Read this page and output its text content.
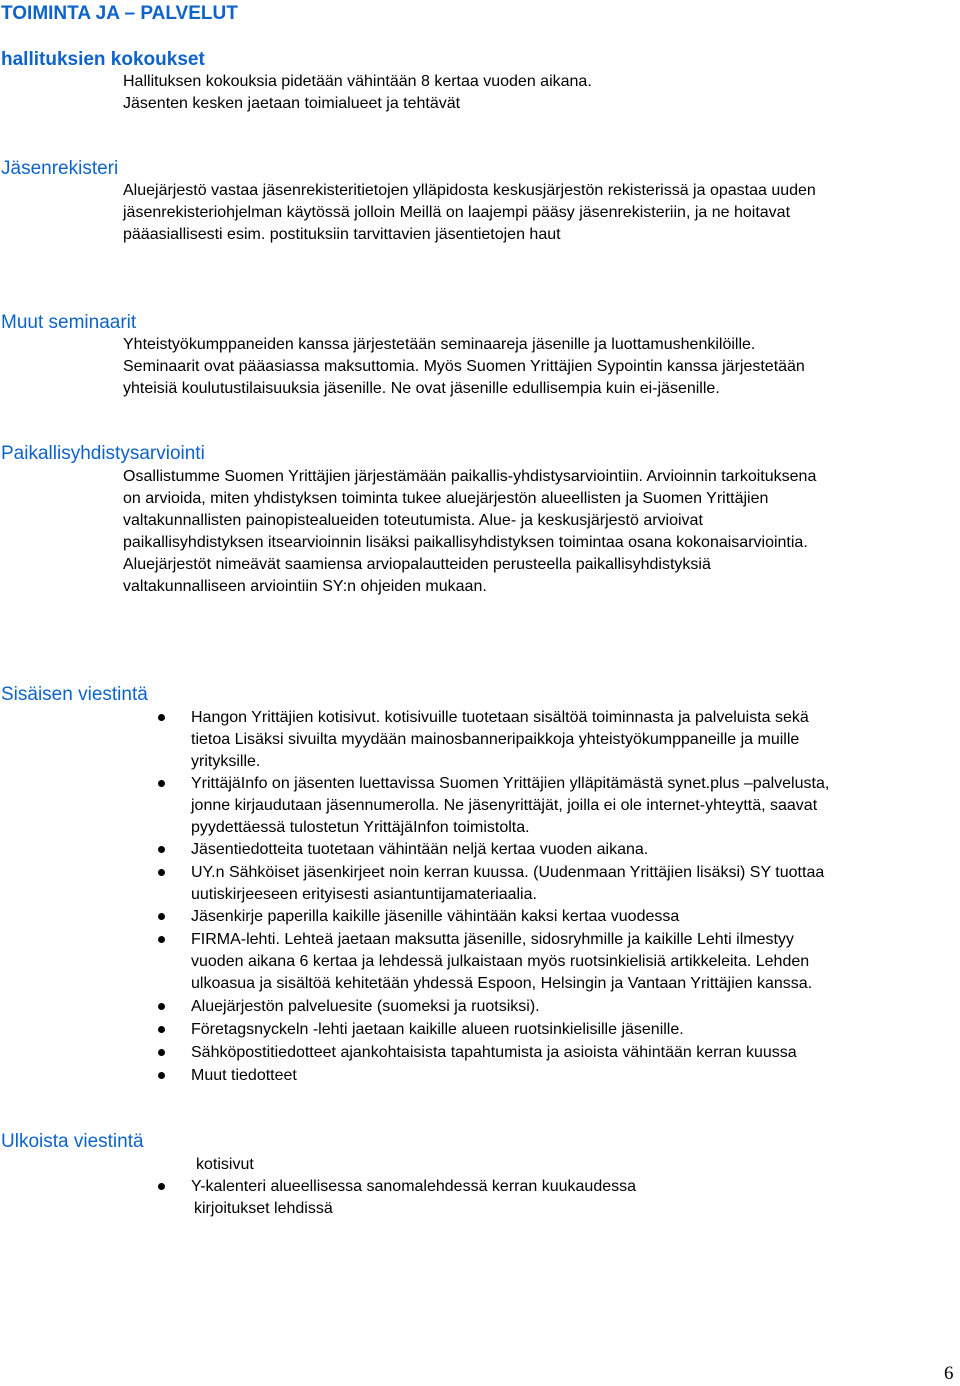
TOIMINTA JA – PALVELUT
hallituksien kokoukset
Hallituksen kokouksia pidetään vähintään 8 kertaa vuoden aikana.
Jäsenten kesken jaetaan toimialueet ja tehtävät
Jäsenrekisteri
Aluejärjestö vastaa jäsenrekisteritietojen ylläpidosta keskusjärjestön rekisterissä ja opastaa uuden
jäsenrekisteriohjelman käytössä jolloin Meillä on laajempi pääsy jäsenrekisteriin, ja ne hoitavat
pääasiallisesti esim. postituksiin tarvittavien jäsentietojen haut
Muut seminaarit
Yhteistyökumppaneiden kanssa järjestetään seminaareja jäsenille ja luottamushenkilöille.
Seminaarit ovat pääasiassa maksuttomia. Myös Suomen Yrittäjien Sypointin kanssa järjestetään
yhteisiä koulutustilaisuuksia jäsenille. Ne ovat jäsenille edullisempia kuin ei-jäsenille.
Paikallisyhdistysarviointi
Osallistumme Suomen Yrittäjien järjestämään paikallis-yhdistysarviointiin. Arvioinnin tarkoituksena
on arvioida, miten yhdistyksen toiminta tukee aluejärjestön alueellisten ja Suomen Yrittäjien
valtakunnallisten painopistealueiden toteutumista. Alue- ja keskusjärjestö arvioivat
paikallisyhdistyksen itsearvioinnin lisäksi paikallisyhdistyksen toimintaa osana kokonaisarviointia.
Aluejärjestöt nimeävät saamiensa arviopalautteiden perusteella paikallisyhdistyksiä
valtakunnalliseen arviointiin SY:n ohjeiden mukaan.
Sisäisen viestintä
Hangon Yrittäjien kotisivut. kotisivuille tuotetaan sisältöä toiminnasta ja palveluista sekä
tietoa Lisäksi sivuilta myydään mainosbanneripaikkoja yhteistyökumppaneille ja muille
yrityksille.
YrittäjäInfo on jäsenten luettavissa Suomen Yrittäjien ylläpitämästä synet.plus –palvelusta,
jonne kirjaudutaan jäsennumerolla. Ne jäsenyrittäjät, joilla ei ole internet-yhteyttä, saavat
pyydettäessä tulostetun YrittäjäInfon toimistolta.
Jäsentiedotteita tuotetaan vähintään neljä kertaa vuoden aikana.
UY.n Sähköiset jäsenkirjeet noin kerran kuussa. (Uudenmaan Yrittäjien lisäksi) SY tuottaa
uutiskirjeeseen erityisesti asiantuntijamateriaalia.
Jäsenkirje paperilla kaikille jäsenille vähintään kaksi kertaa vuodessa
FIRMA-lehti. Lehteä jaetaan maksutta jäsenille, sidosryhmille ja kaikille Lehti ilmestyy
vuoden aikana 6 kertaa ja lehdessä julkaistaan myös ruotsinkielisiä artikkeleita. Lehden
ulkoasua ja sisältöä kehitetään yhdessä Espoon, Helsingin ja Vantaan Yrittäjien kanssa.
Aluejärjestön palveluesite (suomeksi ja ruotsiksi).
Företagsnyckeln -lehti jaetaan kaikille alueen ruotsinkielisille jäsenille.
Sähköpostitiedotteet ajankohtaisista tapahtumista ja asioista vähintään kerran kuussa
Muut tiedotteet
Ulkoista viestintä
kotisivut
Y-kalenteri alueellisessa sanomalehdessä kerran kuukaudessa
kirjoitukset lehdissä
6
